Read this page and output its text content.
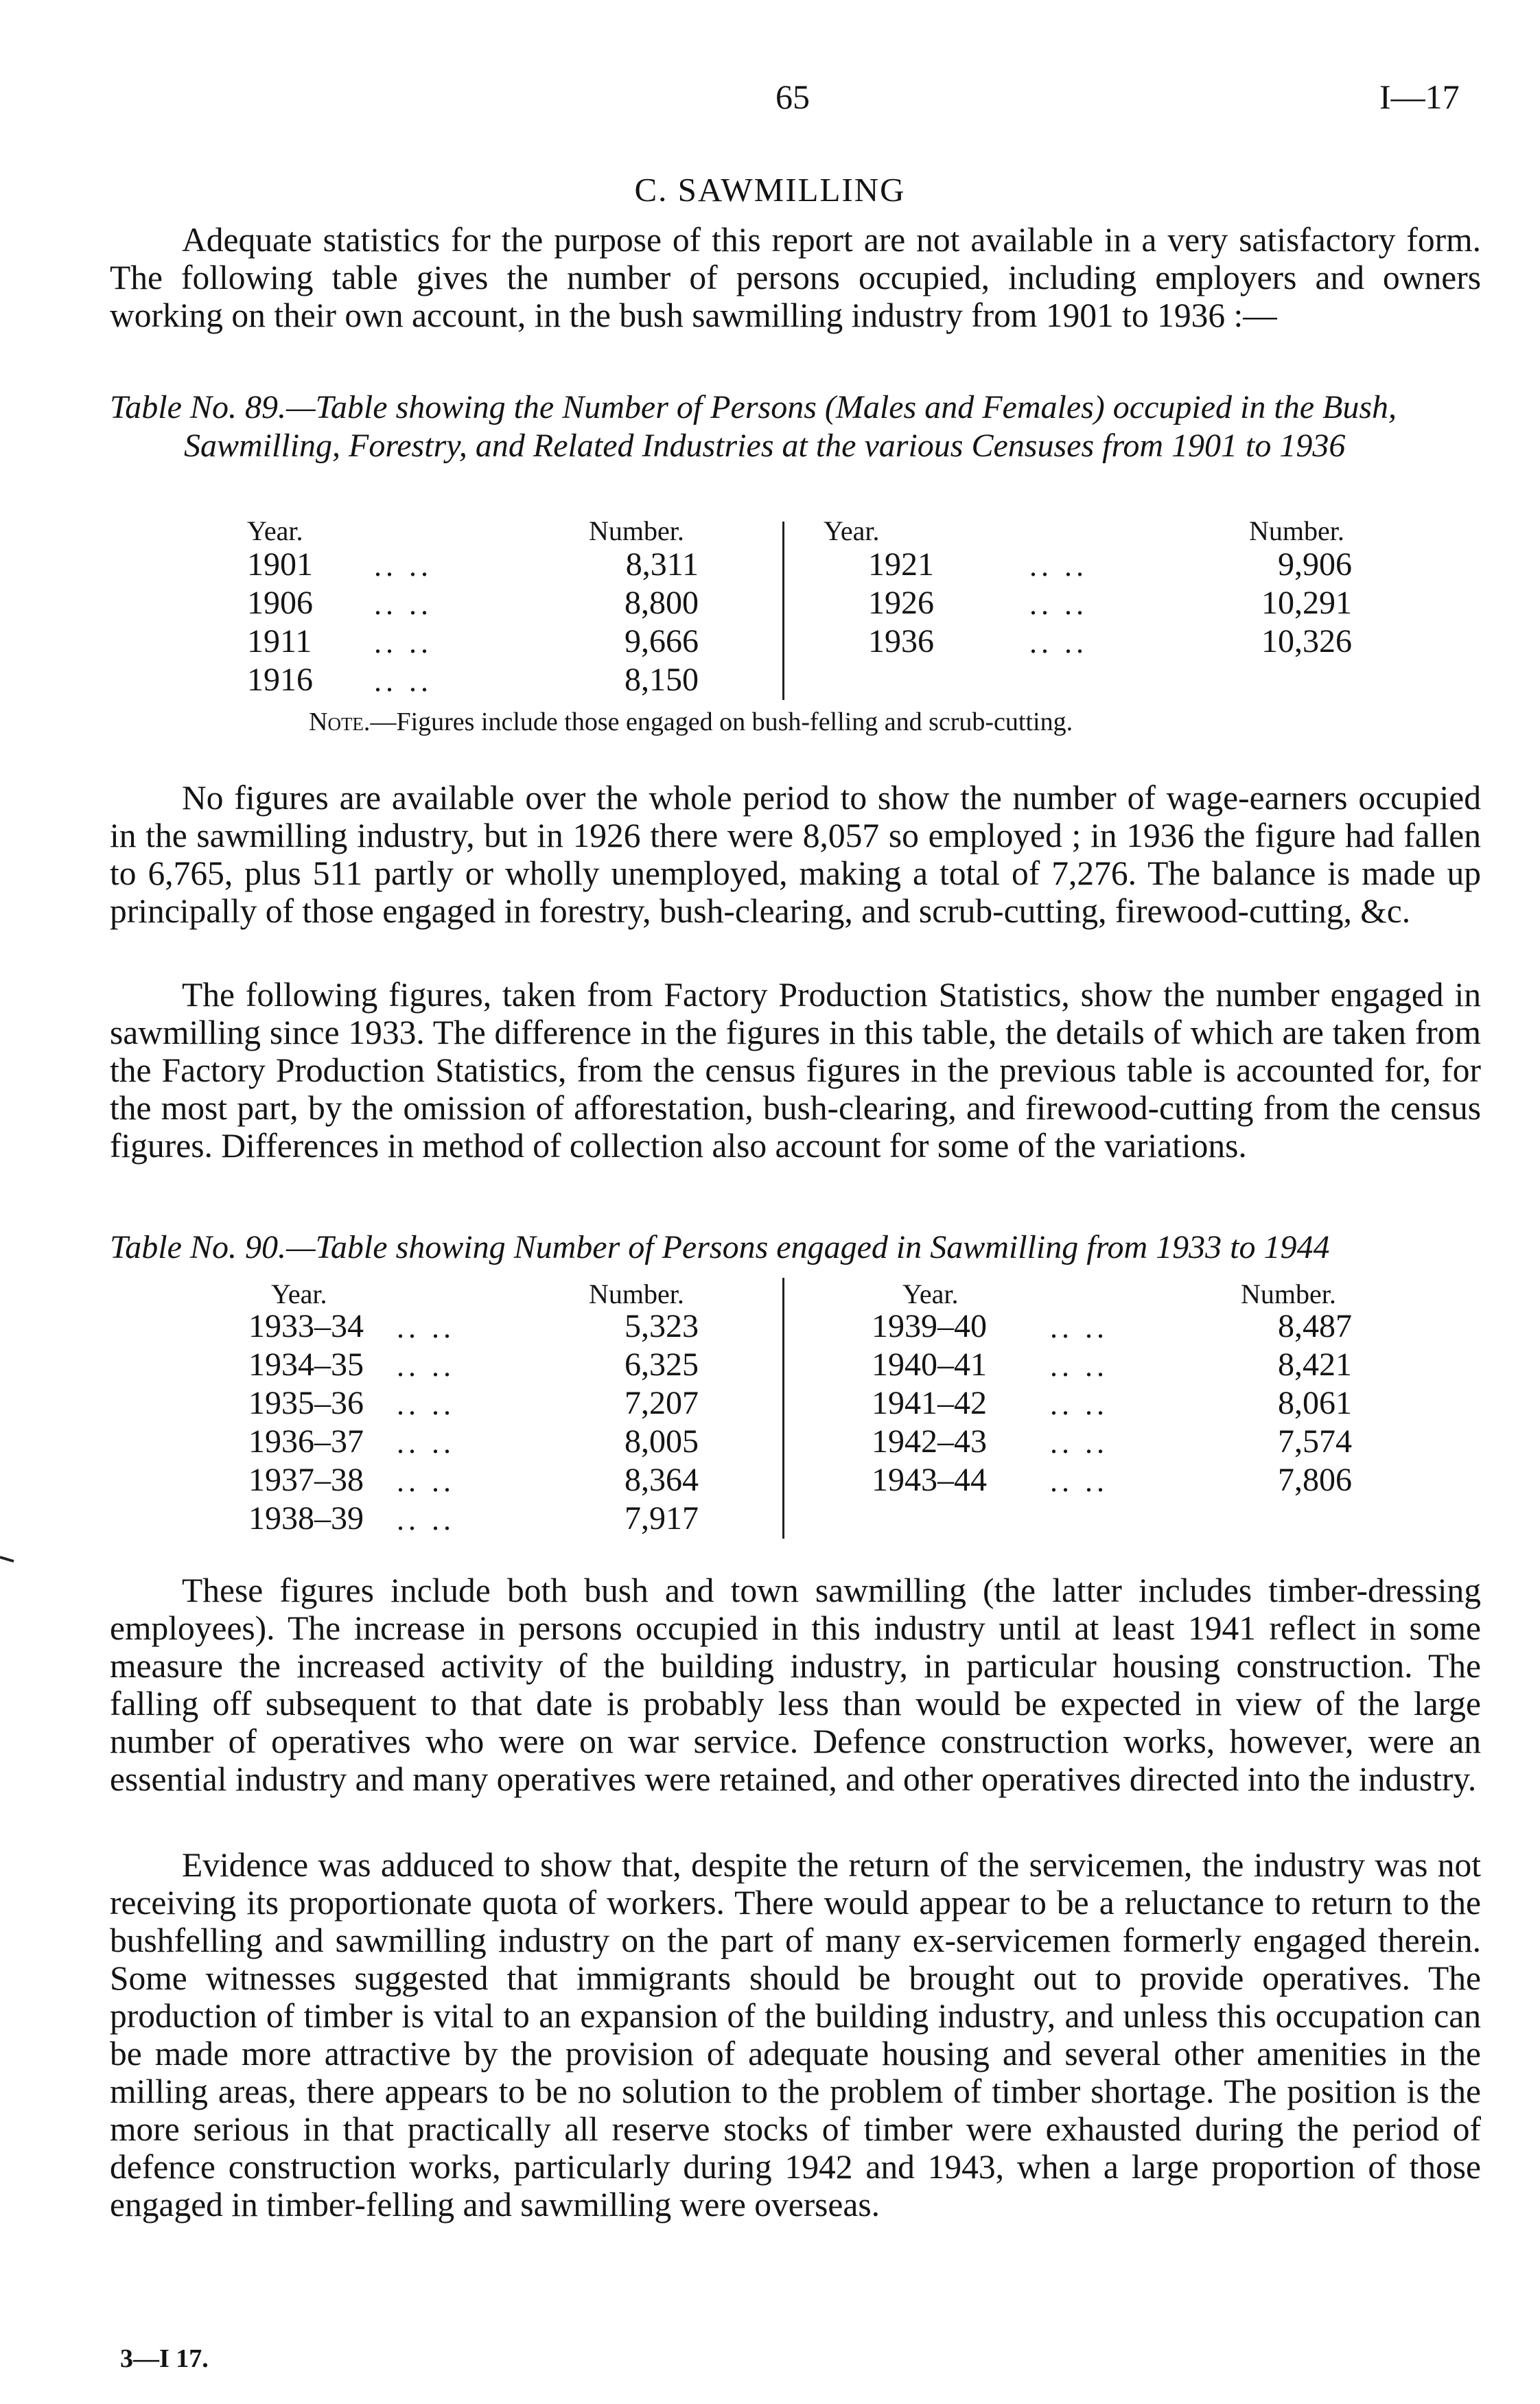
65	I—17
C. SAWMILLING

Adequate statistics for the purpose of this report are not available in a very satisfactory form. The following table gives the number of persons occupied, including employers and owners working on their own account, in the bush sawmilling industry from 1901 to 1936 :—

Table No. 89.—Table showing the Number of Persons (Males and Females) occupied in the Bush, Sawmilling, Forestry, and Related Industries at the various Censuses from 1901 to 1936

Year.	Number.	Year.	Number.
1901 .. ..	8,311
1906 .. ..	8,800
1911 .. ..	9,666
1916 .. ..	8,150
1921	.. ..	9,906
1926	.. ..	10,291
1936	.. ..	10,326
Note.—Figures include those engaged on bush-felling and scrub-cutting.

No figures are available over the whole period to show the number of wage-earners occupied in the sawmilling industry, but in 1926 there were 8,057 so employed ; in 1936 the figure had fallen to 6,765, plus 511 partly or wholly unemployed, making a total of 7,276. The balance is made up principally of those engaged in forestry, bush-clearing, and scrub-cutting, firewood-cutting, &c.

The following figures, taken from Factory Production Statistics, show the number engaged in sawmilling since 1933. The difference in the figures in this table, the details of which are taken from the Factory Production Statistics, from the census figures in the previous table is accounted for, for the most part, by the omission of afforestation, bush-clearing, and firewood-cutting from the census figures. Differences in method of collection also account for some of the variations.

Table No. 90.—Table showing Number of Persons engaged in Sawmilling from 1933 to 1944

Year.	Number.	Year.	Number.
1933–34 .. ..	5,323
1934–35 .. ..	6,325
1935–36 .. ..	7,207
1936–37 .. ..	8,005
1937–38 .. ..	8,364
1938–39 .. ..	7,917
1939–40 .. ..	8,487
1940–41 .. ..	8,421
1941–42 .. ..	8,061
1942–43 .. ..	7,574
1943–44 .. ..	7,806

These figures include both bush and town sawmilling (the latter includes timber-dressing employees). The increase in persons occupied in this industry until at least 1941 reflect in some measure the increased activity of the building industry, in particular housing construction. The falling off subsequent to that date is probably less than would be expected in view of the large number of operatives who were on war service. Defence construction works, however, were an essential industry and many operatives were retained, and other operatives directed into the industry.

Evidence was adduced to show that, despite the return of the servicemen, the industry was not receiving its proportionate quota of workers. There would appear to be a reluctance to return to the bushfelling and sawmilling industry on the part of many ex-servicemen formerly engaged therein. Some witnesses suggested that immigrants should be brought out to provide operatives. The production of timber is vital to an expansion of the building industry, and unless this occupation can be made more attractive by the provision of adequate housing and several other amenities in the milling areas, there appears to be no solution to the problem of timber shortage. The position is the more serious in that practically all reserve stocks of timber were exhausted during the period of defence construction works, particularly during 1942 and 1943, when a large proportion of those engaged in timber-felling and sawmilling were overseas.

3—I 17.
